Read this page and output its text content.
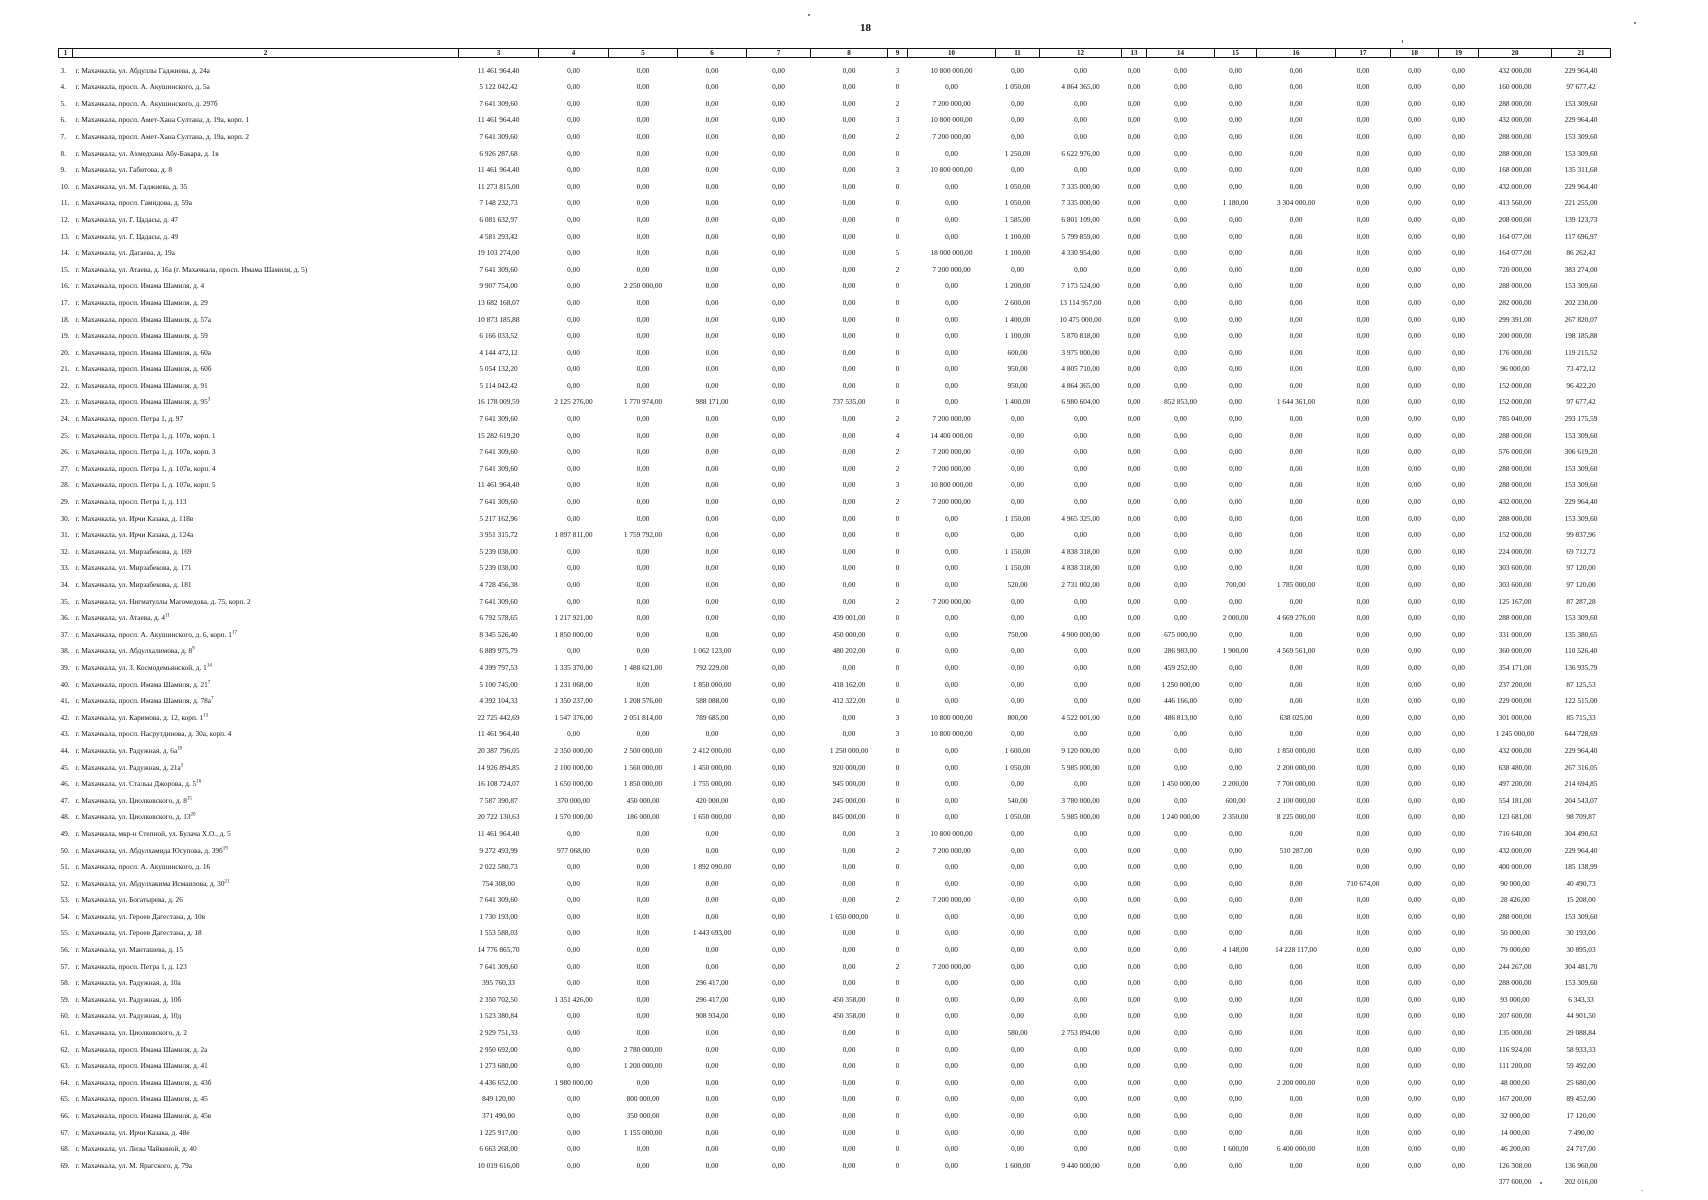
18
1	2	3	4	5	6	7	8	9	10	11	12	13	14	15	16	17	18	19	20	21
3.	г. Махачкала, ул. Абдуллы Гаджиева, д. 24а	11 461 964,40	0,00	0,00	0,00	0,00	0,00	3	10 800 000,00	0,00	0,00	0,00	0,00	0,00	0,00	0,00	0,00	0,00	432 000,00	229 964,40
4.	г. Махачкала, просп. А. Акушинского, д. 5а	5 122 042,42	0,00	0,00	0,00	0,00	0,00	0	0,00	1 050,00	4 864 365,00	0,00	0,00	0,00	0,00	0,00	0,00	0,00	160 000,00	97 677,42
5.	г. Махачкала, просп. А. Акушинского, д. 297б	7 641 309,60	0,00	0,00	0,00	0,00	0,00	2	7 200 000,00	0,00	0,00	0,00	0,00	0,00	0,00	0,00	0,00	0,00	288 000,00	153 309,60
6.	г. Махачкала, просп. Амет-Хана Султана, д. 19а, корп. 1	11 461 964,40	0,00	0,00	0,00	0,00	0,00	3	10 800 000,00	0,00	0,00	0,00	0,00	0,00	0,00	0,00	0,00	0,00	432 000,00	229 964,40
7.	г. Махачкала, просп. Амет-Хана Султана, д. 19а, корп. 2	7 641 309,60	0,00	0,00	0,00	0,00	0,00	2	7 200 000,00	0,00	0,00	0,00	0,00	0,00	0,00	0,00	0,00	0,00	288 000,00	153 309,60
8.	г. Махачкала, ул. Ахмедхана Абу-Бакара, д. 1в	6 926 287,68	0,00	0,00	0,00	0,00	0,00	0	0,00	1 250,00	6 622 976,00	0,00	0,00	0,00	0,00	0,00	0,00	0,00	288 000,00	153 309,60
9.	г. Махачкала, ул. Габитова, д. 8	11 461 964,40	0,00	0,00	0,00	0,00	0,00	3	10 800 000,00	0,00	0,00	0,00	0,00	0,00	0,00	0,00	0,00	0,00	168 000,00	135 311,68
10.	г. Махачкала, ул. М. Гаджиева, д. 35	11 273 815,00	0,00	0,00	0,00	0,00	0,00	0	0,00	1 050,00	7 335 000,00	0,00	0,00	0,00	0,00	0,00	0,00	0,00	432 000,00	229 964,40
11.	г. Махачкала, просп. Гамидова, д. 59а	7 148 232,73	0,00	0,00	0,00	0,00	0,00	0	0,00	1 050,00	7 335 000,00	0,00	0,00	1 180,00	3 304 000,00	0,00	0,00	0,00	413 560,00	221 255,00
12.	г. Махачкала, ул. Г. Цадасы, д. 47	6 081 632,97	0,00	0,00	0,00	0,00	0,00	0	0,00	1 585,00	6 801 109,00	0,00	0,00	0,00	0,00	0,00	0,00	0,00	208 000,00	139 123,73
13.	г. Махачкала, ул. Г. Цадасы, д. 49	4 581 293,42	0,00	0,00	0,00	0,00	0,00	0	0,00	1 100,00	5 799 859,00	0,00	0,00	0,00	0,00	0,00	0,00	0,00	164 077,00	117 696,97
14.	г. Махачкала, ул. Дагаева, д. 19а	19 103 274,00	0,00	0,00	0,00	0,00	0,00	5	18 000 000,00	1 100,00	4 330 954,00	0,00	0,00	0,00	0,00	0,00	0,00	0,00	164 077,00	86 262,42
15.	г. Махачкала, ул. Атаева, д. 16а (г. Махачкала, просп. Имама Шамиля, д. 5)	7 641 309,60	0,00	0,00	0,00	0,00	0,00	2	7 200 000,00	0,00	0,00	0,00	0,00	0,00	0,00	0,00	0,00	0,00	720 000,00	383 274,00
16.	г. Махачкала, просп. Имама Шамиля, д. 4	9 907 754,00	0,00	2 250 000,00	0,00	0,00	0,00	0	0,00	1 200,00	7 173 524,00	0,00	0,00	0,00	0,00	0,00	0,00	0,00	288 000,00	153 309,60
17.	г. Махачкала, просп. Имама Шамиля, д. 29	13 682 168,07	0,00	0,00	0,00	0,00	0,00	0	0,00	2 600,00	13 114 957,00	0,00	0,00	0,00	0,00	0,00	0,00	0,00	282 000,00	202 230,00
18.	г. Махачкала, просп. Имама Шамиля, д. 57а	10 873 185,88	0,00	0,00	0,00	0,00	0,00	0	0,00	1 400,00	10 475 000,00	0,00	0,00	0,00	0,00	0,00	0,00	0,00	299 391,00	267 820,07
19.	г. Махачкала, просп. Имама Шамиля, д. 59	6 166 033,52	0,00	0,00	0,00	0,00	0,00	0	0,00	1 100,00	5 870 818,00	0,00	0,00	0,00	0,00	0,00	0,00	0,00	200 000,00	198 185,88
20.	г. Махачкала, просп. Имама Шамиля, д. 60а	4 144 472,12	0,00	0,00	0,00	0,00	0,00	0	0,00	600,00	3 975 000,00	0,00	0,00	0,00	0,00	0,00	0,00	0,00	176 000,00	119 215,52
21.	г. Махачкала, просп. Имама Шамиля, д. 60б	5 054 132,20	0,00	0,00	0,00	0,00	0,00	0	0,00	950,00	4 805 710,00	0,00	0,00	0,00	0,00	0,00	0,00	0,00	96 000,00	73 472,12
22.	г. Махачкала, просп. Имама Шамиля, д. 91	5 114 042,42	0,00	0,00	0,00	0,00	0,00	0	0,00	950,00	4 864 365,00	0,00	0,00	0,00	0,00	0,00	0,00	0,00	152 000,00	96 422,20
23.	г. Махачкала, просп. Имама Шамиля, д. $95^3$	16 178 009,59	2 125 276,00	1 770 974,00	988 171,00	0,00	737 535,00	0	0,00	1 400,00	6 980 604,00	0,00	852 853,00	0,00	1 644 361,00	0,00	0,00	0,00	152 000,00	97 677,42
24.	г. Махачкала, просп. Петра 1, д. 97	7 641 309,60	0,00	0,00	0,00	0,00	0,00	2	7 200 000,00	0,00	0,00	0,00	0,00	0,00	0,00	0,00	0,00	0,00	785 040,00	293 175,59
25.	г. Махачкала, просп. Петра 1, д. 107в, корп. 1	15 282 619,20	0,00	0,00	0,00	0,00	0,00	4	14 400 000,00	0,00	0,00	0,00	0,00	0,00	0,00	0,00	0,00	0,00	288 000,00	153 309,60
26.	г. Махачкала, просп. Петра 1, д. 107в, корп. 3	7 641 309,60	0,00	0,00	0,00	0,00	0,00	2	7 200 000,00	0,00	0,00	0,00	0,00	0,00	0,00	0,00	0,00	0,00	576 000,00	306 619,20
27.	г. Махачкала, просп. Петра 1, д. 107в, корп. 4	7 641 309,60	0,00	0,00	0,00	0,00	0,00	2	7 200 000,00	0,00	0,00	0,00	0,00	0,00	0,00	0,00	0,00	0,00	288 000,00	153 309,60
28.	г. Махачкала, просп. Петра 1, д. 107в, корп. 5	11 461 964,40	0,00	0,00	0,00	0,00	0,00	3	10 800 000,00	0,00	0,00	0,00	0,00	0,00	0,00	0,00	0,00	0,00	288 000,00	153 309,60
29.	г. Махачкала, просп. Петра 1, д. 113	7 641 309,60	0,00	0,00	0,00	0,00	0,00	2	7 200 000,00	0,00	0,00	0,00	0,00	0,00	0,00	0,00	0,00	0,00	432 000,00	229 964,40
30.	г. Махачкала, ул. Ирчи Казака, д. 118в	5 217 162,96	0,00	0,00	0,00	0,00	0,00	0	0,00	1 150,00	4 965 325,00	0,00	0,00	0,00	0,00	0,00	0,00	0,00	288 000,00	153 309,60
31.	г. Махачкала, ул. Ирчи Казака, д. 124а	3 951 315,72	1 897 811,00	1 759 792,00	0,00	0,00	0,00	0	0,00	0,00	0,00	0,00	0,00	0,00	0,00	0,00	0,00	0,00	152 000,00	99 837,96
32.	г. Махачкала, ул. Мирзабекова, д. 169	5 239 038,00	0,00	0,00	0,00	0,00	0,00	0	0,00	1 150,00	4 838 318,00	0,00	0,00	0,00	0,00	0,00	0,00	0,00	224 000,00	69 712,72
33.	г. Махачкала, ул. Мирзабекова, д. 171	5 239 038,00	0,00	0,00	0,00	0,00	0,00	0	0,00	1 150,00	4 838 318,00	0,00	0,00	0,00	0,00	0,00	0,00	0,00	303 600,00	97 120,00
34.	г. Махачкала, ул. Мирзабекова, д. 181	4 728 456,38	0,00	0,00	0,00	0,00	0,00	0	0,00	520,00	2 731 002,00	0,00	0,00	700,00	1 785 000,00	0,00	0,00	0,00	303 600,00	97 120,00
35.	г. Махачкала, ул. Нигматуллы Магомедова, д. 75, корп. 2	7 641 309,60	0,00	0,00	0,00	0,00	0,00	2	7 200 000,00	0,00	0,00	0,00	0,00	0,00	0,00	0,00	0,00	0,00	125 167,00	87 287,28
36.	г. Махачкала, ул. Атаева, д. $4^{11}$	6 792 578,65	1 217 921,00	0,00	0,00	0,00	439 001,00	0	0,00	0,00	0,00	0,00	0,00	2 000,00	4 669 276,00	0,00	0,00	0,00	288 000,00	153 309,60
37.	г. Махачкала, просп. А. Акушинского, д. 6, корп. $1^{17}$	8 345 526,40	1 850 000,00	0,00	0,00	0,00	450 000,00	0	0,00	750,00	4 900 000,00	0,00	675 000,00	0,00	0,00	0,00	0,00	0,00	331 000,00	135 380,65
38.	г. Махачкала, ул. Абдулхалимова, д. $8^9$	6 889 975,79	0,00	0,00	1 062 123,00	0,00	480 202,00	0	0,00	0,00	0,00	0,00	286 983,00	1 900,00	4 569 561,00	0,00	0,00	0,00	360 000,00	110 526,40
39.	г. Махачкала, ул. З. Космодемьянской, д. $1^{14}$	4 399 797,53	1 335 370,00	1 488 621,00	792 229,00	0,00	0,00	0	0,00	0,00	0,00	0,00	459 252,00	0,00	0,00	0,00	0,00	0,00	354 171,00	136 935,79
40.	г. Махачкала, просп. Имама Шамиля, д. $21^7$	5 100 745,00	1 231 068,00	0,00	1 850 000,00	0,00	418 162,00	0	0,00	0,00	0,00	0,00	1 250 000,00	0,00	0,00	0,00	0,00	0,00	237 200,00	87 125,53
41.	г. Махачкала, просп. Имама Шамиля, д. $78а^7$	4 392 104,33	1 350 237,00	1 208 576,00	588 088,00	0,00	412 322,00	0	0,00	0,00	0,00	0,00	446 166,00	0,00	0,00	0,00	0,00	0,00	229 000,00	122 515,00
42.	г. Махачкала, ул. Каримова, д. 12, корп. $1^{13}$	22 725 442,69	1 547 376,00	2 051 814,00	789 685,00	0,00	0,00	3	10 800 000,00	800,00	4 522 001,00	0,00	486 813,00	0,00	638 025,00	0,00	0,00	0,00	301 000,00	85 715,33
43.	г. Махачкала, просп. Насрутдинова, д. 30а, корп. 4	11 461 964,40	0,00	0,00	0,00	0,00	0,00	3	10 800 000,00	0,00	0,00	0,00	0,00	0,00	0,00	0,00	0,00	0,00	1 245 000,00	644 728,69
44.	г. Махачкала, ул. Радужная, д. $6а^{10}$	20 387 796,05	2 350 000,00	2 500 000,00	2 412 000,00	0,00	1 250 000,00	0	0,00	1 600,00	9 120 000,00	0,00	0,00	0,00	1 850 000,00	0,00	0,00	0,00	432 000,00	229 964,40
45.	г. Махачкала, ул. Радужная, д. $21а^3$	14 926 894,85	2 100 000,00	1 560 000,00	1 450 000,00	0,00	920 000,00	0	0,00	1 050,00	5 985 000,00	0,00	0,00	0,00	2 200 000,00	0,00	0,00	0,00	638 480,00	267 316,05
46.	г. Махачкала, ул. Стальы Джорова, д. $5^{16}$	16 108 724,07	1 650 000,00	1 850 000,00	1 755 000,00	0,00	945 000,00	0	0,00	0,00	0,00	0,00	1 450 000,00	2 200,00	7 700 000,00	0,00	0,00	0,00	497 200,00	214 694,85
47.	г. Махачкала, ул. Циолковского, д. $8^{15}$	7 587 390,87	370 000,00	450 000,00	420 000,00	0,00	245 000,00	0	0,00	540,00	3 780 000,00	0,00	0,00	600,00	2 100 000,00	0,00	0,00	0,00	554 181,00	204 543,07
48.	г. Махачкала, ул. Циолковского, д. $13^{20}$	20 722 130,63	1 570 000,00	186 000,00	1 650 000,00	0,00	845 000,00	0	0,00	1 050,00	5 985 000,00	0,00	1 240 000,00	2 350,00	8 225 000,00	0,00	0,00	0,00	123 681,00	98 709,87
49.	г. Махачкала, мкр-н Степной, ул. Булача Х.О., д. 5	11 461 964,40	0,00	0,00	0,00	0,00	0,00	3	10 800 000,00	0,00	0,00	0,00	0,00	0,00	0,00	0,00	0,00	0,00	716 640,00	304 490,63
50.	г. Махачкала, ул. Абдулхамида Юсупова, д. $39б^{19}$	9 272 493,99	977 068,00	0,00	0,00	0,00	0,00	2	7 200 000,00	0,00	0,00	0,00	0,00	0,00	510 287,00	0,00	0,00	0,00	432 000,00	229 964,40
51.	г. Махачкала, просп. А. Акушинского, д. 16	2 022 580,73	0,00	0,00	1 892 090,00	0,00	0,00	0	0,00	0,00	0,00	0,00	0,00	0,00	0,00	0,00	0,00	0,00	400 000,00	185 138,99
52.	г. Махачкала, ул. Абдулхакима Исмаилова, д. $30^{21}$	754 308,00	0,00	0,00	0,00	0,00	0,00	0	0,00	0,00	0,00	0,00	0,00	0,00	0,00	710 674,00	0,00	0,00	90 000,00	40 490,73
53.	г. Махачкала, ул. Богатырева, д. 26	7 641 309,60	0,00	0,00	0,00	0,00	0,00	2	7 200 000,00	0,00	0,00	0,00	0,00	0,00	0,00	0,00	0,00	0,00	28 426,00	15 208,00
54.	г. Махачкала, ул. Героев Дагестана, д. 10в	1 730 193,00	0,00	0,00	0,00	0,00	1 650 000,00	0	0,00	0,00	0,00	0,00	0,00	0,00	0,00	0,00	0,00	0,00	288 000,00	153 309,60
55.	г. Махачкала, ул. Героев Дагестана, д. 18	1 553 588,03	0,00	0,00	1 443 693,00	0,00	0,00	0	0,00	0,00	0,00	0,00	0,00	0,00	0,00	0,00	0,00	0,00	50 000,00	30 193,00
56.	г. Махачкала, ул. Манташева, д. 15	14 776 865,70	0,00	0,00	0,00	0,00	0,00	0	0,00	0,00	0,00	0,00	0,00	4 148,00	14 228 117,00	0,00	0,00	0,00	79 000,00	30 895,03
57.	г. Махачкала, просп. Петра 1, д. 123	7 641 309,60	0,00	0,00	0,00	0,00	0,00	2	7 200 000,00	0,00	0,00	0,00	0,00	0,00	0,00	0,00	0,00	0,00	244 267,00	304 481,70
58.	г. Махачкала, ул. Радужная, д. 10а	395 760,33	0,00	0,00	296 417,00	0,00	0,00	0	0,00	0,00	0,00	0,00	0,00	0,00	0,00	0,00	0,00	0,00	288 000,00	153 309,60
59.	г. Махачкала, ул. Радужная, д. 10б	2 350 702,50	1 351 426,00	0,00	296 417,00	0,00	450 358,00	0	0,00	0,00	0,00	0,00	0,00	0,00	0,00	0,00	0,00	0,00	93 000,00	6 343,33
60.	г. Махачкала, ул. Радужная, д. 10д	1 523 380,84	0,00	0,00	908 934,00	0,00	450 358,00	0	0,00	0,00	0,00	0,00	0,00	0,00	0,00	0,00	0,00	0,00	207 600,00	44 901,50
61.	г. Махачкала, ул. Циолковского, д. 2	2 929 751,33	0,00	0,00	0,00	0,00	0,00	0	0,00	580,00	2 753 894,00	0,00	0,00	0,00	0,00	0,00	0,00	0,00	135 000,00	29 088,84
62.	г. Махачкала, просп. Имама Шамиля, д. 2а	2 950 692,00	0,00	2 780 000,00	0,00	0,00	0,00	0	0,00	0,00	0,00	0,00	0,00	0,00	0,00	0,00	0,00	0,00	116 924,00	58 933,33
63.	г. Махачкала, просп. Имама Шамиля, д. 41	1 273 680,00	0,00	1 200 000,00	0,00	0,00	0,00	0	0,00	0,00	0,00	0,00	0,00	0,00	0,00	0,00	0,00	0,00	111 200,00	59 492,00
64.	г. Махачкала, просп. Имама Шамиля, д. 43б	4 436 652,00	1 980 000,00	0,00	0,00	0,00	0,00	0	0,00	0,00	0,00	0,00	0,00	0,00	2 200 000,00	0,00	0,00	0,00	48 000,00	25 680,00
65.	г. Махачкала, просп. Имама Шамиля, д. 45	849 120,00	0,00	800 000,00	0,00	0,00	0,00	0	0,00	0,00	0,00	0,00	0,00	0,00	0,00	0,00	0,00	0,00	167 200,00	89 452,00
66.	г. Махачкала, просп. Имама Шамиля, д. 45в	371 490,00	0,00	350 000,00	0,00	0,00	0,00	0	0,00	0,00	0,00	0,00	0,00	0,00	0,00	0,00	0,00	0,00	32 000,00	17 120,00
67.	г. Махачкала, ул. Ирчи Казака, д. 48е	1 225 917,00	0,00	1 155 000,00	0,00	0,00	0,00	0	0,00	0,00	0,00	0,00	0,00	0,00	0,00	0,00	0,00	0,00	14 000,00	7 490,00
68.	г. Махачкала, ул. Лизы Чайкиной, д. 40	6 663 268,00	0,00	0,00	0,00	0,00	0,00	0	0,00	0,00	0,00	0,00	0,00	1 600,00	6 400 000,00	0,00	0,00	0,00	46 200,00	24 717,00
69.	г. Махачкала, ул. М. Ярагского, д. 79а	10 019 616,00	0,00	0,00	0,00	0,00	0,00	0	0,00	1 600,00	9 440 000,00	0,00	0,00	0,00	0,00	0,00	0,00	0,00	126 308,00	136 960,00
																			377 600,00	202 016,00
